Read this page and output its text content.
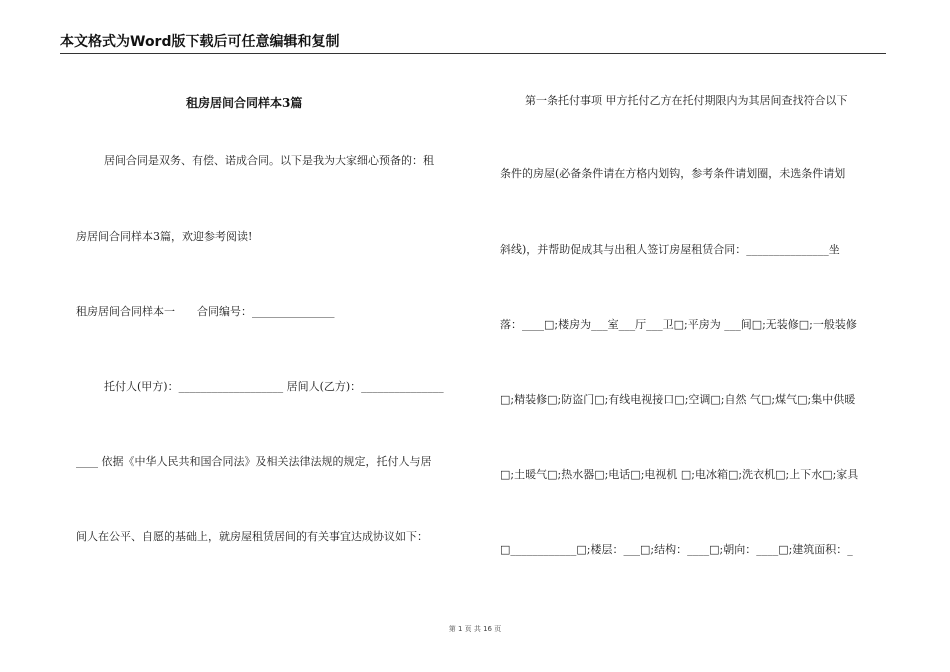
本文格式为Word版下载后可任意编辑和复制
租房居间合同样本3篇
居间合同是双务、有偿、诺成合同。以下是我为大家细心预备的：租
房居间合同样本3篇，欢迎参考阅读!
租房居间合同样本一　　合同编号：_______________
托付人(甲方)：___________________ 居间人(乙方)：_______________
____ 依据《中华人民共和国合同法》及相关法律法规的规定，托付人与居
间人在公平、自愿的基础上，就房屋租赁居间的有关事宜达成协议如下：
第一条托付事项 甲方托付乙方在托付期限内为其居间查找符合以下
条件的房屋(必备条件请在方格内划钩，参考条件请划圈，未选条件请划
斜线)，并帮助促成其与出租人签订房屋租赁合同：_______________坐
落：____□;楼房为___室___厅___卫□;平房为 ___间□;无装修□;一般装修
□;精装修□;防盗门□;有线电视接口□;空调□;自然 气□;煤气□;集中供暖
□;土暖气□;热水器□;电话□;电视机 □;电冰箱□;洗衣机□;上下水□;家具
□____________□;楼层：___□;结构：____□;朝向：____□;建筑面积：_
第 1 页 共 16 页
